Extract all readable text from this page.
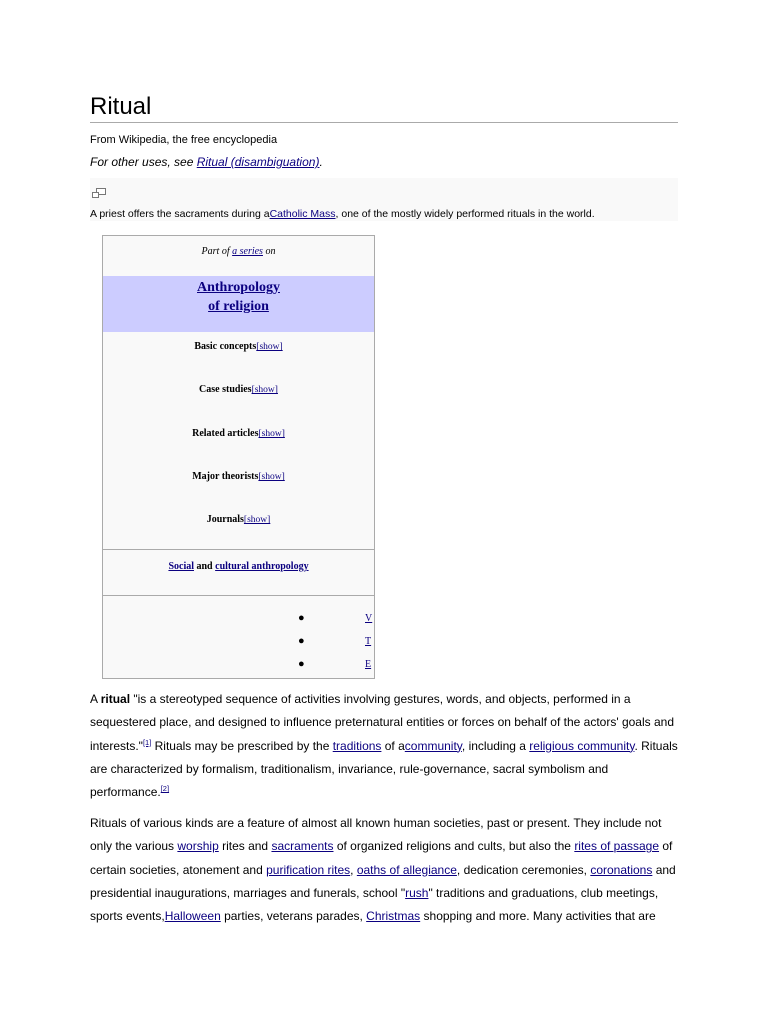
Ritual
From Wikipedia, the free encyclopedia
For other uses, see Ritual (disambiguation).
A priest offers the sacraments during aCatholic Mass, one of the mostly widely performed rituals in the world.
Part of a series on
Anthropology
of religion
Basic concepts[show]
Case studies[show]
Related articles[show]
Major theorists[show]
Journals[show]
Social and cultural anthropology
●	V
●	T
●	E
A ritual "is a stereotyped sequence of activities involving gestures, words, and objects, performed in a sequestered place, and designed to influence preternatural entities or forces on behalf of the actors' goals and interests."[1] Rituals may be prescribed by the traditions of acommunity, including a religious community. Rituals are characterized by formalism, traditionalism, invariance, rule-governance, sacral symbolism and performance.[2]
Rituals of various kinds are a feature of almost all known human societies, past or present. They include not only the various worship rites and sacraments of organized religions and cults, but also the rites of passage of certain societies, atonement and purification rites, oaths of allegiance, dedication ceremonies, coronations and presidential inaugurations, marriages and funerals, school "rush" traditions and graduations, club meetings, sports events,Halloween parties, veterans parades, Christmas shopping and more. Many activities that are
